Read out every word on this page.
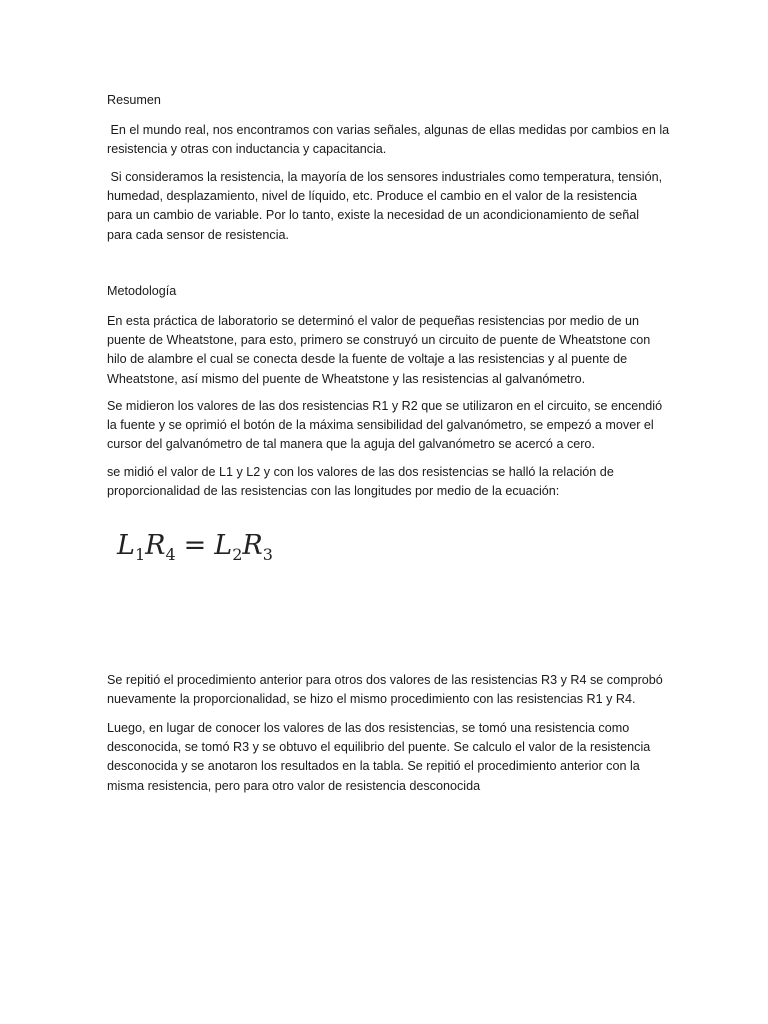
Resumen

En el mundo real, nos encontramos con varias señales, algunas de ellas medidas por cambios en la
resistencia y otras con inductancia y capacitancia.

Si consideramos la resistencia, la mayoría de los sensores industriales como temperatura, tensión,
humedad, desplazamiento, nivel de líquido, etc. Produce el cambio en el valor de la resistencia
para un cambio de variable. Por lo tanto, existe la necesidad de un acondicionamiento de señal
para cada sensor de resistencia.

Metodología

En esta práctica de laboratorio se determinó el valor de pequeñas resistencias por medio de un
puente de Wheatstone, para esto, primero se construyó un circuito de puente de Wheatstone con
hilo de alambre el cual se conecta desde la fuente de voltaje a las resistencias y al puente de
Wheatstone, así mismo del puente de Wheatstone y las resistencias al galvanómetro.

Se midieron los valores de las dos resistencias R1 y R2 que se utilizaron en el circuito, se encendió
la fuente y se oprimió el botón de la máxima sensibilidad del galvanómetro, se empezó a mover el
cursor del galvanómetro de tal manera que la aguja del galvanómetro se acercó a cero.

se midió el valor de L1 y L2 y con los valores de las dos resistencias se halló la relación de
proporcionalidad de las resistencias con las longitudes por medio de la ecuación:

$L_1R_4 = L_2R_3$

Se repitió el procedimiento anterior para otros dos valores de las resistencias R3 y R4 se comprobó
nuevamente la proporcionalidad, se hizo el mismo procedimiento con las resistencias R1 y R4.

Luego, en lugar de conocer los valores de las dos resistencias, se tomó una resistencia como
desconocida, se tomó R3 y se obtuvo el equilibrio del puente. Se calculo el valor de la resistencia
desconocida y se anotaron los resultados en la tabla. Se repitió el procedimiento anterior con la
misma resistencia, pero para otro valor de resistencia desconocida
